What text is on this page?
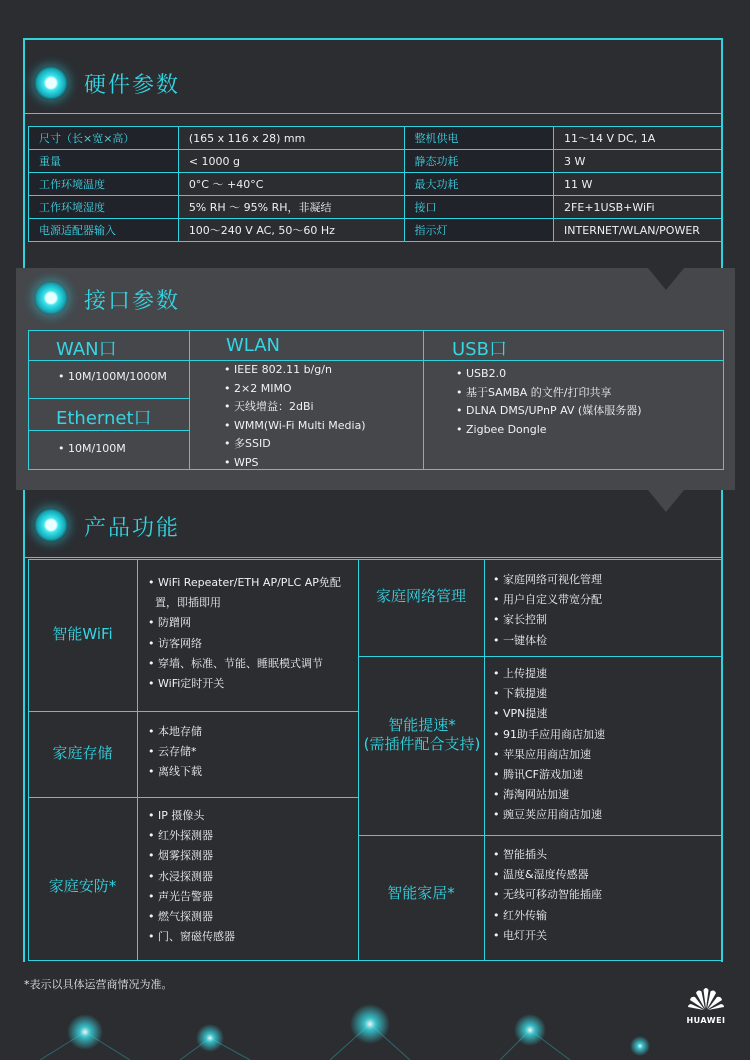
硬件参数
尺寸（长×宽×高）	(165 x 116 x 28) mm	整机供电	11～14 V DC, 1A
重量	< 1000 g	静态功耗	3 W
工作环境温度	0°C ～ +40°C	最大功耗	11 W
工作环境湿度	5% RH ～ 95% RH，非凝结	接口	2FE+1USB+WiFi
电源适配器输入	100～240 V AC, 50～60 Hz	指示灯	INTERNET/WLAN/POWER
接口参数
WAN口
• 10M/100M/1000M
Ethernet口
• 10M/100M
WLAN
• IEEE 802.11 b/g/n
• 2×2 MIMO
• 天线增益：2dBi
• WMM(Wi-Fi Multi Media)
• 多SSID
• WPS
USB口
• USB2.0
• 基于SAMBA 的文件/打印共享
• DLNA DMS/UPnP AV (媒体服务器)
• Zigbee Dongle
产品功能
智能WiFi
• WiFi Repeater/ETH AP/PLC AP免配
置，即插即用
• 防蹭网
• 访客网络
• 穿墙、标准、节能、睡眠模式调节
• WiFi定时开关
家庭存储
• 本地存储
• 云存储*
• 离线下载
家庭安防*
• IP 摄像头
• 红外探测器
• 烟雾探测器
• 水浸探测器
• 声光告警器
• 燃气探测器
• 门、窗磁传感器
家庭网络管理
• 家庭网络可视化管理
• 用户自定义带宽分配
• 家长控制
• 一键体检
智能提速*
(需插件配合支持)
• 上传提速
• 下载提速
• VPN提速
• 91助手应用商店加速
• 苹果应用商店加速
• 腾讯CF游戏加速
• 海淘网站加速
• 豌豆荚应用商店加速
智能家居*
• 智能插头
• 温度&湿度传感器
• 无线可移动智能插座
• 红外传输
• 电灯开关
*表示以具体运营商情况为准。
HUAWEI
